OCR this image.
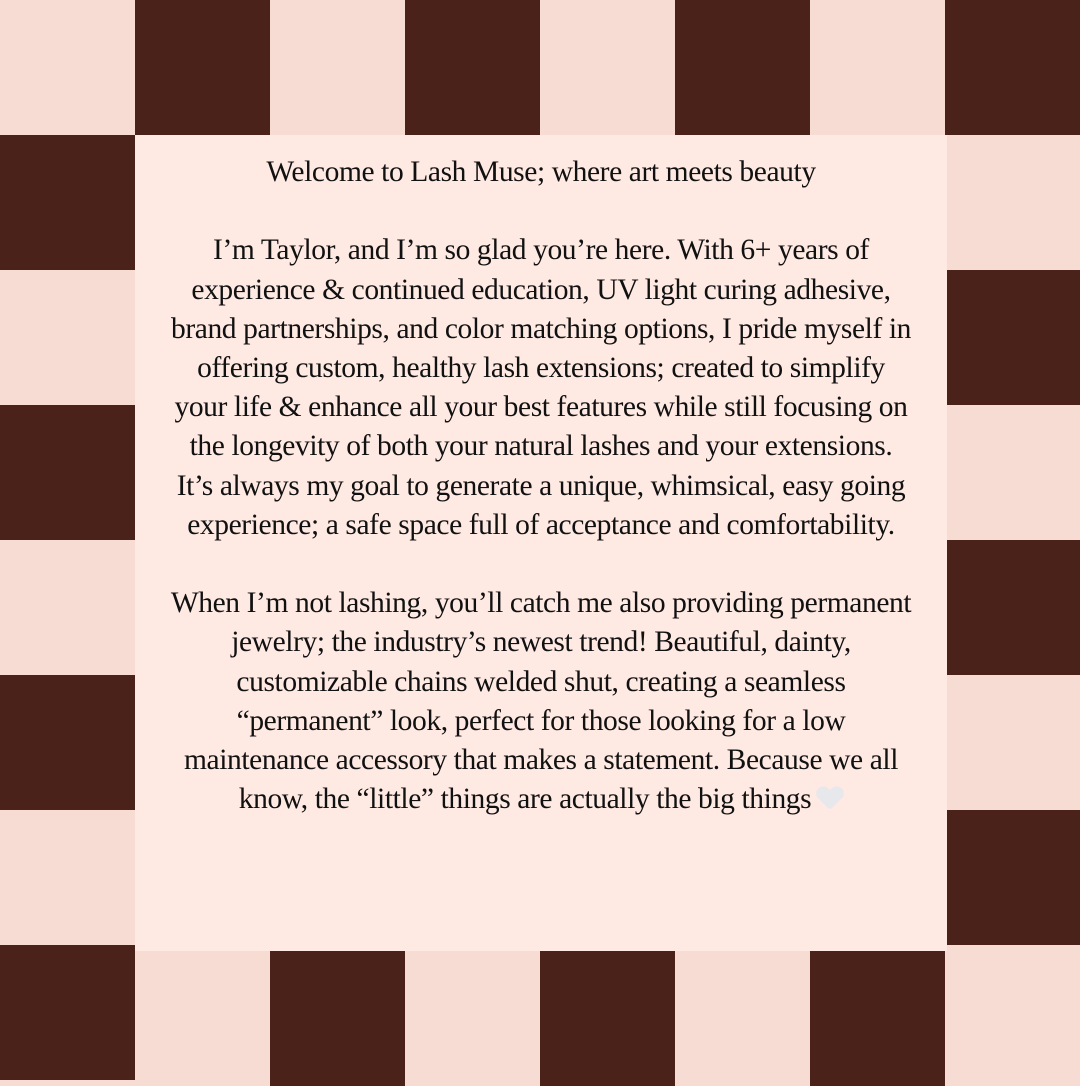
Welcome to Lash Muse; where art meets beauty

I’m Taylor, and I’m so glad you’re here. With 6+ years of experience & continued education, UV light curing adhesive, brand partnerships, and color matching options, I pride myself in offering custom, healthy lash extensions; created to simplify your life & enhance all your best features while still focusing on the longevity of both your natural lashes and your extensions. It’s always my goal to generate a unique, whimsical, easy going experience; a safe space full of acceptance and comfortability.

When I’m not lashing, you’ll catch me also providing permanent jewelry; the industry’s newest trend! Beautiful, dainty, customizable chains welded shut, creating a seamless “permanent” look, perfect for those looking for a low maintenance accessory that makes a statement. Because we all know, the “little” things are actually the big things
